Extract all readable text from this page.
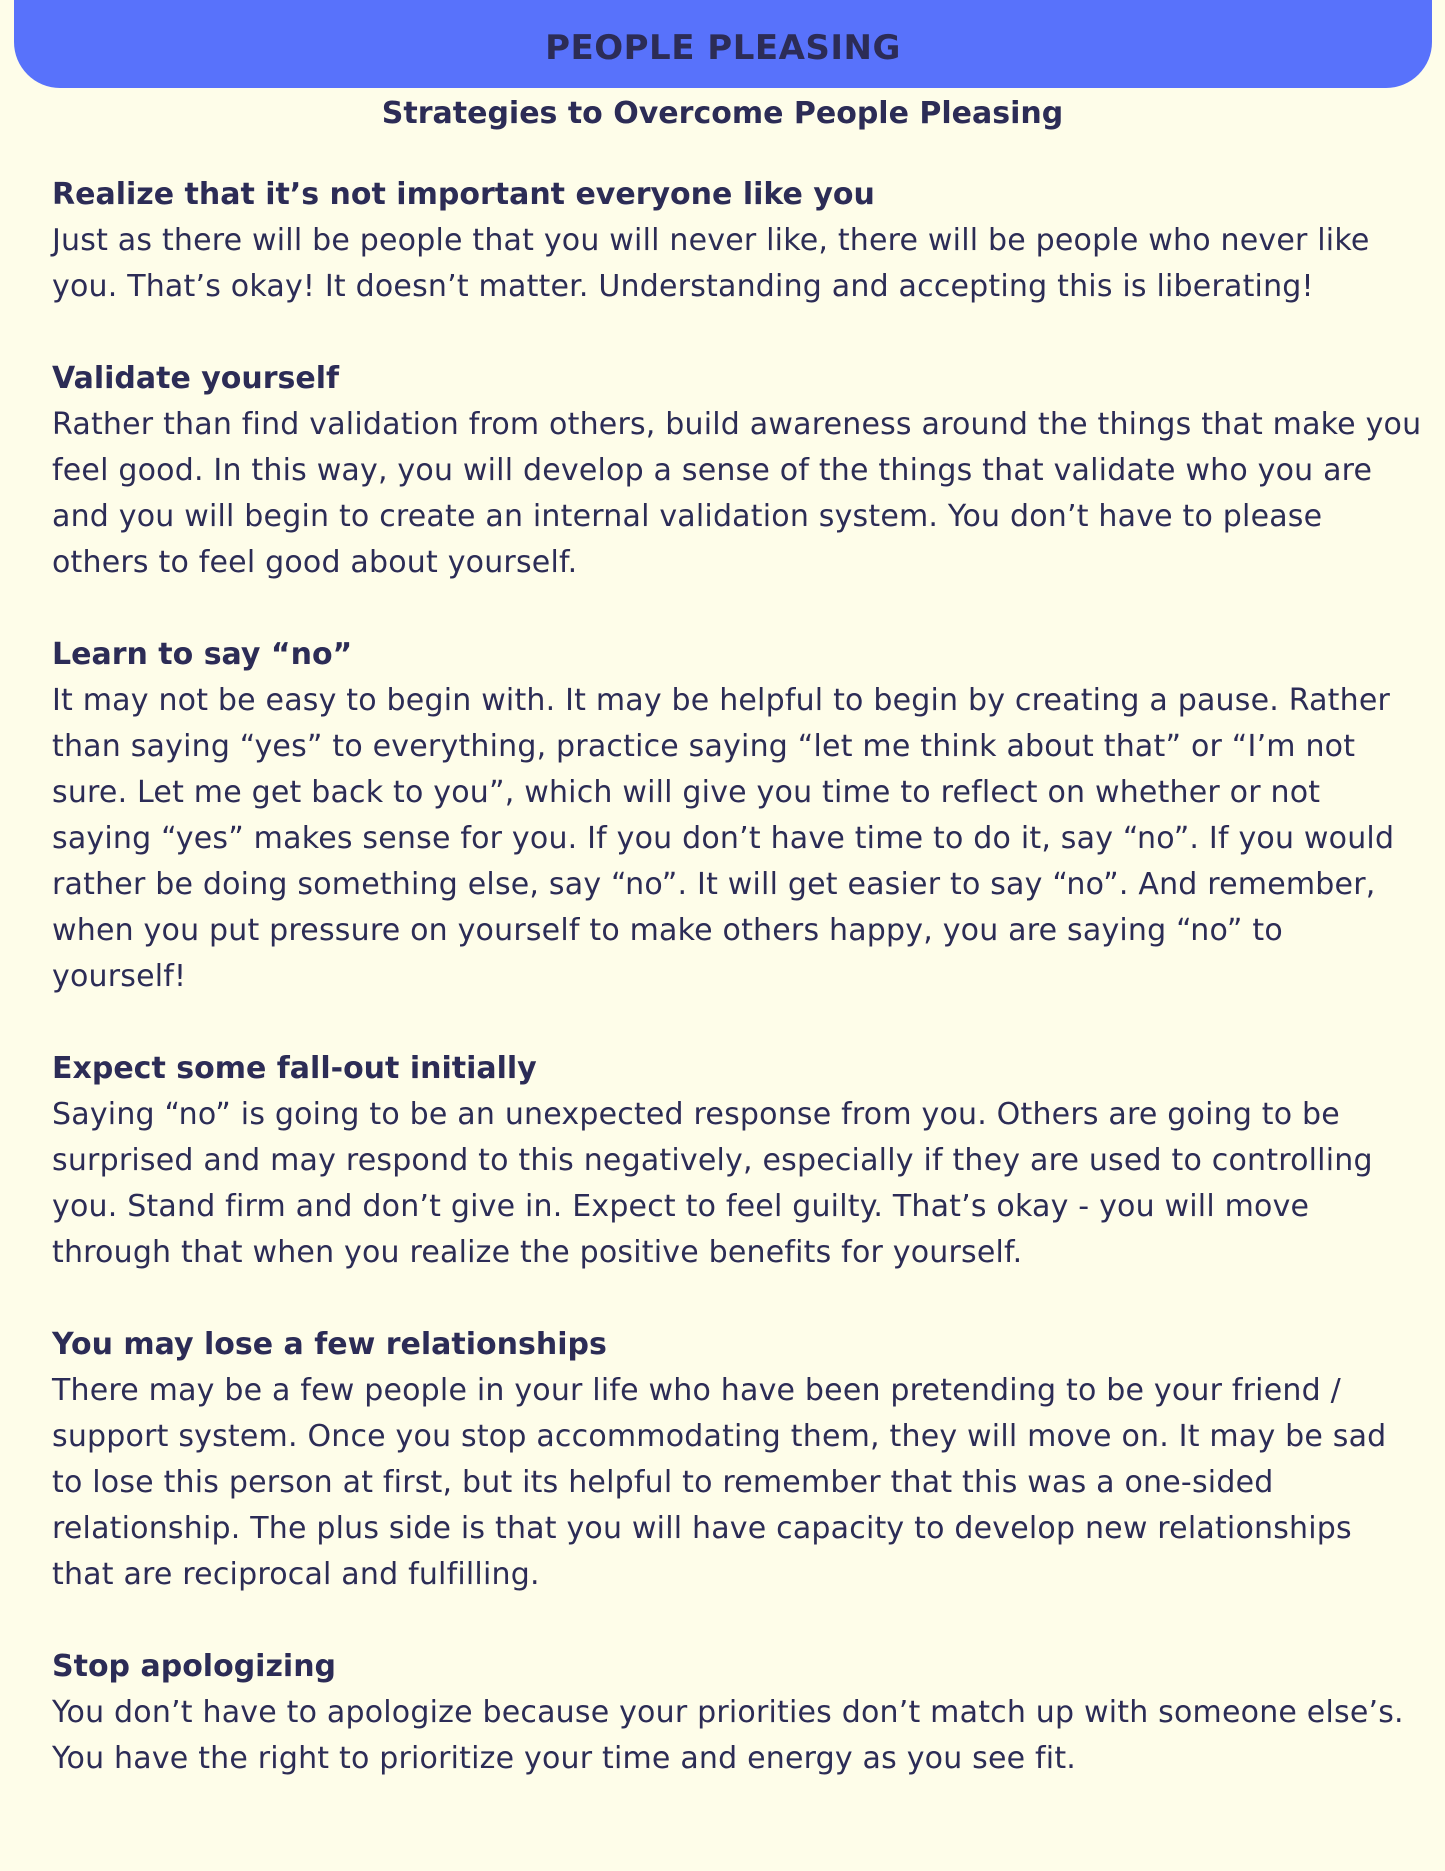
PEOPLE PLEASING
Strategies to Overcome People Pleasing

Realize that it’s not important everyone like you

Just as there will be people that you will never like, there will be people who never like you. That’s okay! It doesn’t matter. Understanding and accepting this is liberating!

Validate yourself

Rather than find validation from others, build awareness around the things that make you feel good. In this way, you will develop a sense of the things that validate who you are and you will begin to create an internal validation system. You don’t have to please others to feel good about yourself.

Learn to say “no”

It may not be easy to begin with. It may be helpful to begin by creating a pause. Rather than saying “yes” to everything, practice saying “let me think about that” or “I’m not sure. Let me get back to you”, which will give you time to reflect on whether or not saying “yes” makes sense for you. If you don’t have time to do it, say “no”. If you would rather be doing something else, say “no”. It will get easier to say “no”. And remember, when you put pressure on yourself to make others happy, you are saying “no” to yourself!

Expect some fall-out initially

Saying “no” is going to be an unexpected response from you. Others are going to be surprised and may respond to this negatively, especially if they are used to controlling you. Stand firm and don’t give in. Expect to feel guilty. That’s okay - you will move through that when you realize the positive benefits for yourself.

You may lose a few relationships

There may be a few people in your life who have been pretending to be your friend / support system. Once you stop accommodating them, they will move on. It may be sad to lose this person at first, but its helpful to remember that this was a one-sided relationship. The plus side is that you will have capacity to develop new relationships that are reciprocal and fulfilling.

Stop apologizing

You don’t have to apologize because your priorities don’t match up with someone else’s. You have the right to prioritize your time and energy as you see fit.
